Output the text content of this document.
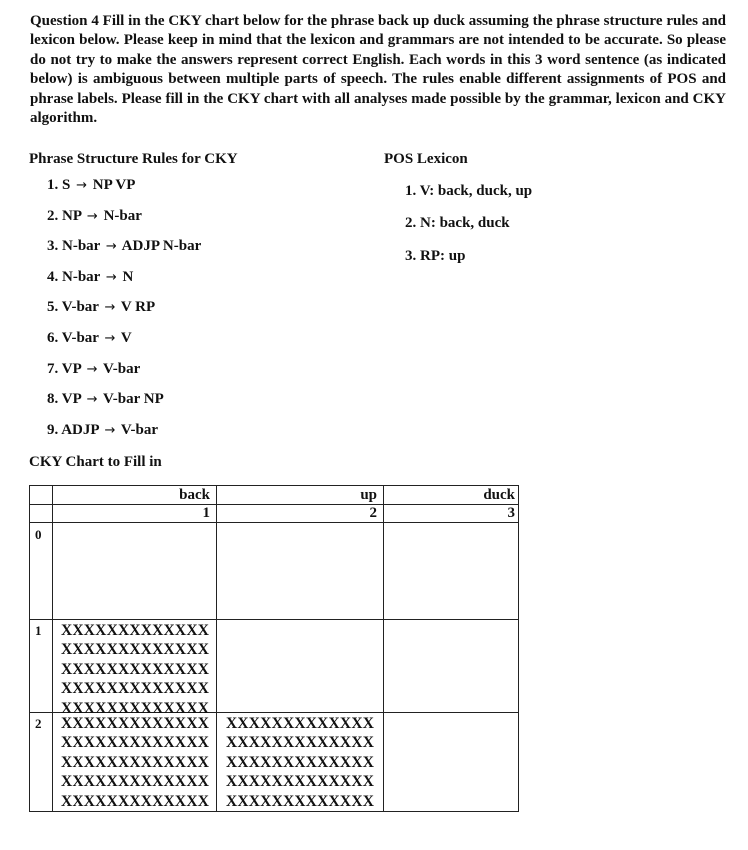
Question 4 Fill in the CKY chart below for the phrase back up duck assuming the phrase structure rules and lexicon below. Please keep in mind that the lexicon and grammars are not intended to be accurate. So please do not try to make the answers represent correct English. Each words in this 3 word sentence (as indicated below) is ambiguous between multiple parts of speech. The rules enable different assignments of POS and phrase labels. Please fill in the CKY chart with all analyses made possible by the grammar, lexicon and CKY algorithm.

Phrase Structure Rules for CKY	POS Lexicon
1. S → NP VP
2. NP → N-bar
3. N-bar → ADJP N-bar
4. N-bar → N
5. V-bar → V RP
6. V-bar → V
7. VP → V-bar
8. VP → V-bar NP
9. ADJP → V-bar
1. V: back, duck, up
2. N: back, duck
3. RP: up
CKY Chart to Fill in
back
1
up
2
duck
3
0
1
2
XXXXXXXXXXXXX
XXXXXXXXXXXXX
XXXXXXXXXXXXX
XXXXXXXXXXXXX
XXXXXXXXXXXXX
XXXXXXXXXXXXX
XXXXXXXXXXXXX
XXXXXXXXXXXXX
XXXXXXXXXXXXX
XXXXXXXXXXXXX
XXXXXXXXXXXXX
XXXXXXXXXXXXX
XXXXXXXXXXXXX
XXXXXXXXXXXXX
XXXXXXXXXXXXX
